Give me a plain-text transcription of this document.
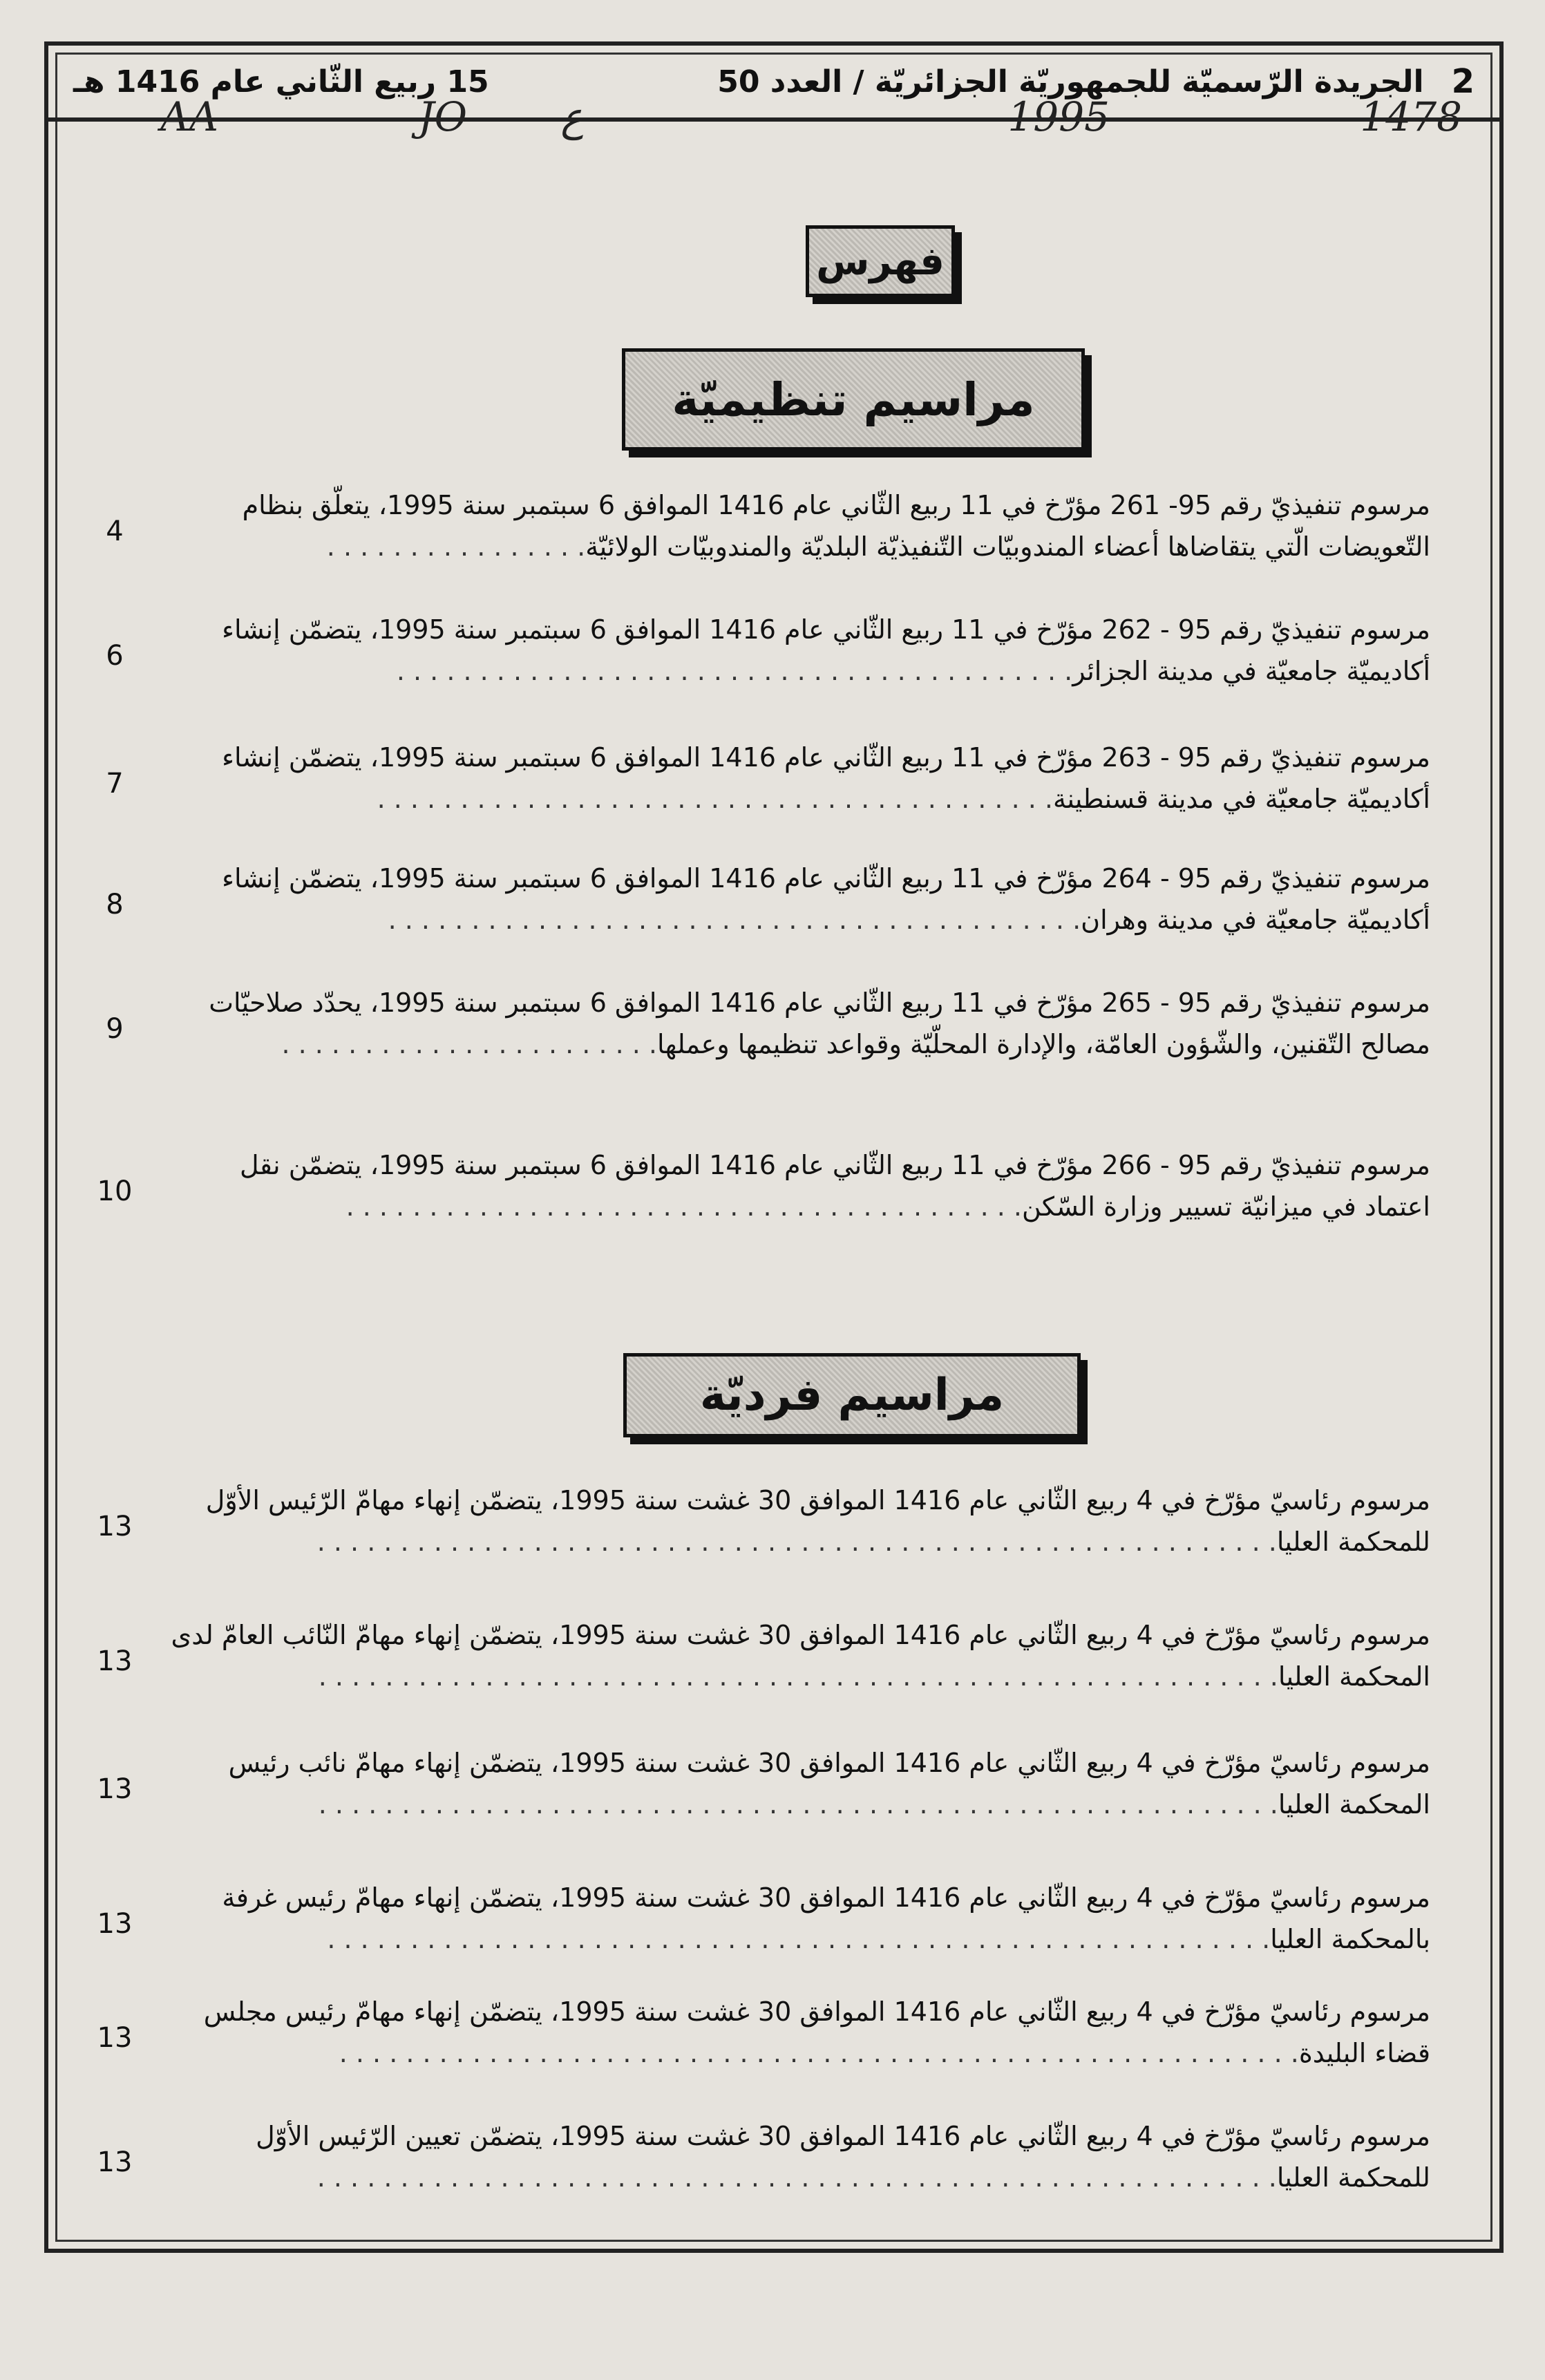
AA	JO ع	1995	1478
2
الجريدة الرّسميّة للجمهوريّة الجزائريّة / العدد 50
15 ربيع الثّاني عام 1416 هـ
فهرس
مراسيم تنظيميّة
مرسوم تنفيذيّ رقم 95- 261 مؤرّخ في 11 ربيع الثّاني عام 1416 الموافق 6 سبتمبر سنة 1995، يتعلّق بنظام
التّعويضات الّتي يتقاضاها أعضاء المندوبيّات التّنفيذيّة البلديّة والمندوبيّات الولائيّة. . . . . . . . . . . . . . . .
4
مرسوم تنفيذيّ رقم 95 - 262 مؤرّخ في 11 ربيع الثّاني عام 1416 الموافق 6 سبتمبر سنة 1995، يتضمّن إنشاء
أكاديميّة جامعيّة في مدينة الجزائر. . . . . . . . . . . . . . . . . . . . . . . . . . . . . . . . . . . . . . . . .
6
مرسوم تنفيذيّ رقم 95 - 263 مؤرّخ في 11 ربيع الثّاني عام 1416 الموافق 6 سبتمبر سنة 1995، يتضمّن إنشاء
أكاديميّة جامعيّة في مدينة قسنطينة. . . . . . . . . . . . . . . . . . . . . . . . . . . . . . . . . . . . . . . . .
7
مرسوم تنفيذيّ رقم 95 - 264 مؤرّخ في 11 ربيع الثّاني عام 1416 الموافق 6 سبتمبر سنة 1995، يتضمّن إنشاء
أكاديميّة جامعيّة في مدينة وهران. . . . . . . . . . . . . . . . . . . . . . . . . . . . . . . . . . . . . . . . . .
8
مرسوم تنفيذيّ رقم 95 - 265 مؤرّخ في 11 ربيع الثّاني عام 1416 الموافق 6 سبتمبر سنة 1995، يحدّد صلاحيّات
مصالح التّقنين، والشّؤون العامّة، والإدارة المحلّيّة وقواعد تنظيمها وعملها. . . . . . . . . . . . . . . . . . . . . . .
9
مرسوم تنفيذيّ رقم 95 - 266 مؤرّخ في 11 ربيع الثّاني عام 1416 الموافق 6 سبتمبر سنة 1995، يتضمّن نقل
اعتماد في ميزانيّة تسيير وزارة السّكن. . . . . . . . . . . . . . . . . . . . . . . . . . . . . . . . . . . . . . . . .
10
مراسيم فرديّة
مرسوم رئاسيّ مؤرّخ في 4 ربيع الثّاني عام 1416 الموافق 30 غشت سنة 1995، يتضمّن إنهاء مهامّ الرّئيس الأوّل
للمحكمة العليا. . . . . . . . . . . . . . . . . . . . . . . . . . . . . . . . . . . . . . . . . . . . . . . . . . . . . . . . . .
13
مرسوم رئاسيّ مؤرّخ في 4 ربيع الثّاني عام 1416 الموافق 30 غشت سنة 1995، يتضمّن إنهاء مهامّ النّائب العامّ لدى
المحكمة العليا. . . . . . . . . . . . . . . . . . . . . . . . . . . . . . . . . . . . . . . . . . . . . . . . . . . . . . . . . .
13
مرسوم رئاسيّ مؤرّخ في 4 ربيع الثّاني عام 1416 الموافق 30 غشت سنة 1995، يتضمّن إنهاء مهامّ نائب رئيس
المحكمة العليا. . . . . . . . . . . . . . . . . . . . . . . . . . . . . . . . . . . . . . . . . . . . . . . . . . . . . . . . . .
13
مرسوم رئاسيّ مؤرّخ في 4 ربيع الثّاني عام 1416 الموافق 30 غشت سنة 1995، يتضمّن إنهاء مهامّ رئيس غرفة
بالمحكمة العليا. . . . . . . . . . . . . . . . . . . . . . . . . . . . . . . . . . . . . . . . . . . . . . . . . . . . . . . . .
13
مرسوم رئاسيّ مؤرّخ في 4 ربيع الثّاني عام 1416 الموافق 30 غشت سنة 1995، يتضمّن إنهاء مهامّ رئيس مجلس
قضاء البليدة. . . . . . . . . . . . . . . . . . . . . . . . . . . . . . . . . . . . . . . . . . . . . . . . . . . . . . . . . .
13
مرسوم رئاسيّ مؤرّخ في 4 ربيع الثّاني عام 1416 الموافق 30 غشت سنة 1995، يتضمّن تعيين الرّئيس الأوّل
للمحكمة العليا. . . . . . . . . . . . . . . . . . . . . . . . . . . . . . . . . . . . . . . . . . . . . . . . . . . . . . . . . .
13
